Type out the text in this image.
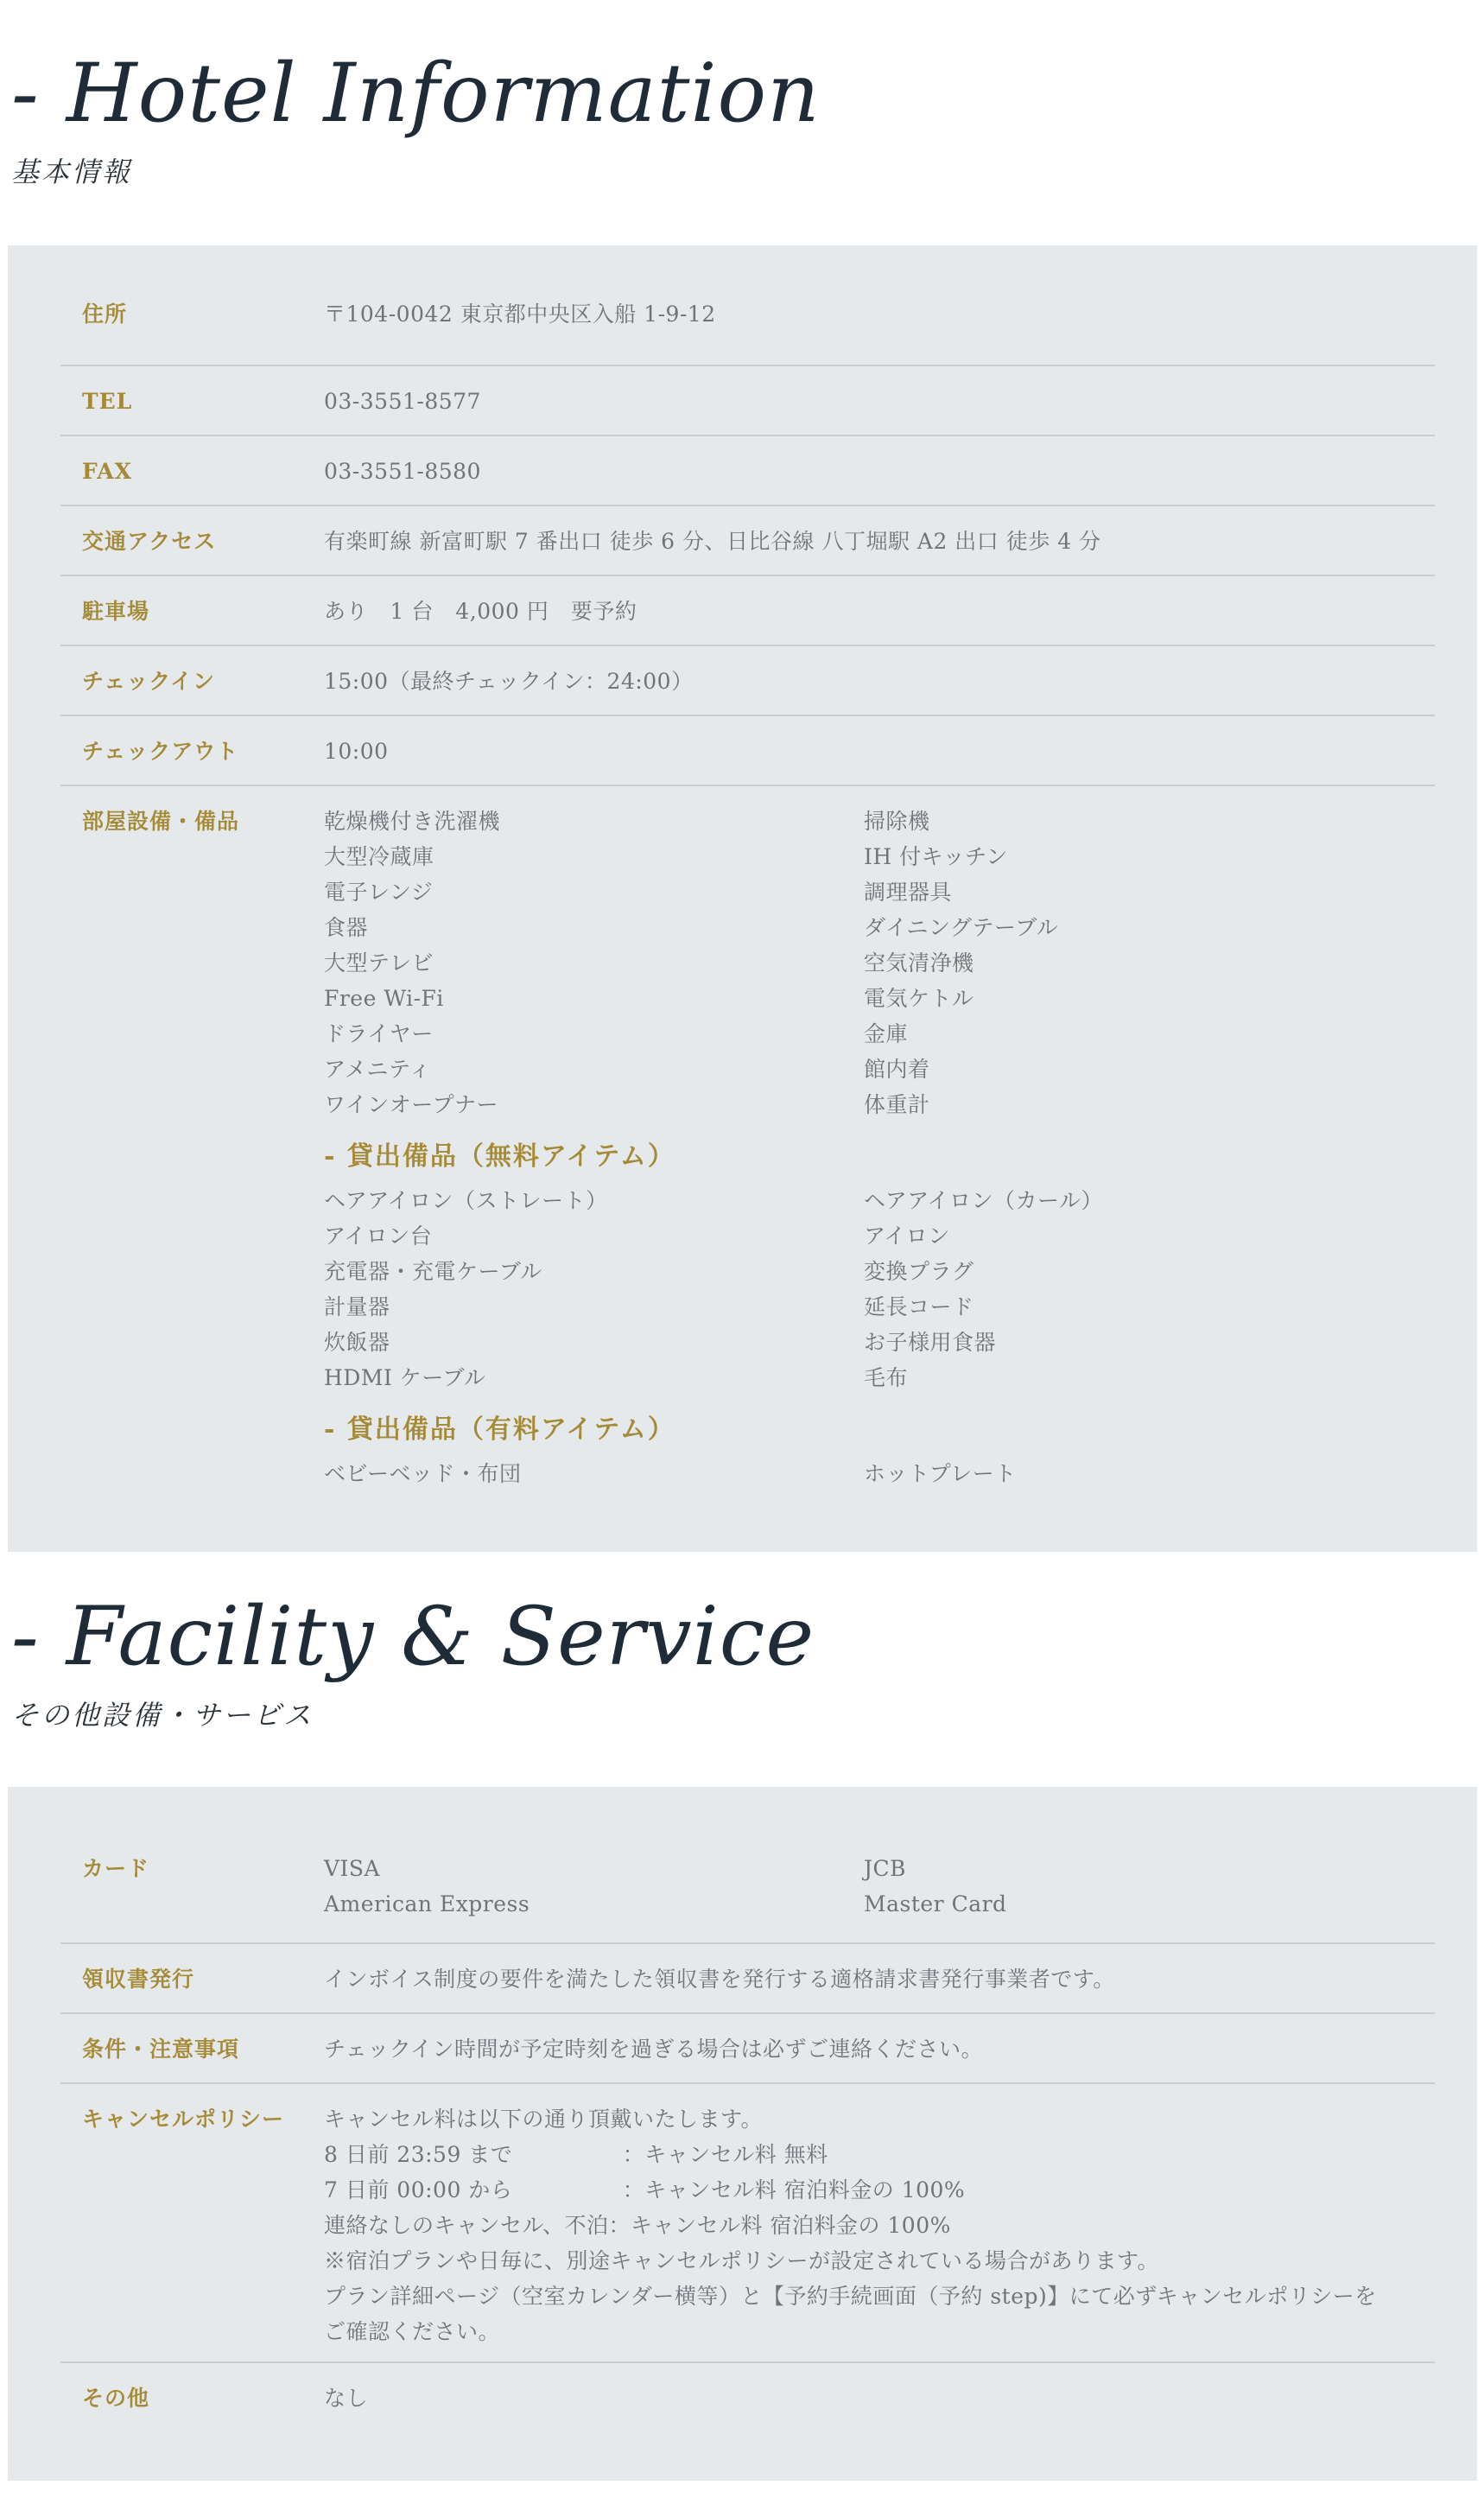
- Hotel Information
基本情報
住所	〒104-0042 東京都中央区入船 1-9-12
TEL	03-3551-8577
FAX	03-3551-8580
交通アクセス	有楽町線 新富町駅 7 番出口 徒歩 6 分、日比谷線 八丁堀駅 A2 出口 徒歩 4 分
駐車場	あり　1 台　4,000 円　要予約
チェックイン	15:00（最終チェックイン：24:00）
チェックアウト	10:00
部屋設備・備品	乾燥機付き洗濯機	掃除機
大型冷蔵庫	IH 付キッチン
電子レンジ	調理器具
食器	ダイニングテーブル
大型テレビ	空気清浄機
Free Wi-Fi	電気ケトル
ドライヤー	金庫
アメニティ	館内着
ワインオープナー	体重計
- 貸出備品（無料アイテム）
ヘアアイロン（ストレート）	ヘアアイロン（カール）
アイロン台	アイロン
充電器・充電ケーブル	変換プラグ
計量器	延長コード
炊飯器	お子様用食器
HDMI ケーブル	毛布
- 貸出備品（有料アイテム）
ベビーベッド・布団	ホットプレート
- Facility & Service
その他設備・サービス
カード	VISA	JCB
American Express	Master Card
領収書発行	インボイス制度の要件を満たした領収書を発行する適格請求書発行事業者です。
条件・注意事項	チェックイン時間が予定時刻を過ぎる場合は必ずご連絡ください。
キャンセルポリシー	キャンセル料は以下の通り頂戴いたします。
8 日前 23:59 まで　　　　　：キャンセル料 無料
7 日前 00:00 から　　　　　：キャンセル料 宿泊料金の 100%
連絡なしのキャンセル、不泊：キャンセル料 宿泊料金の 100%
※宿泊プランや日毎に、別途キャンセルポリシーが設定されている場合があります。
プラン詳細ページ（空室カレンダー横等）と【予約手続画面（予約 step)】にて必ずキャンセルポリシーを
ご確認ください。
その他	なし
